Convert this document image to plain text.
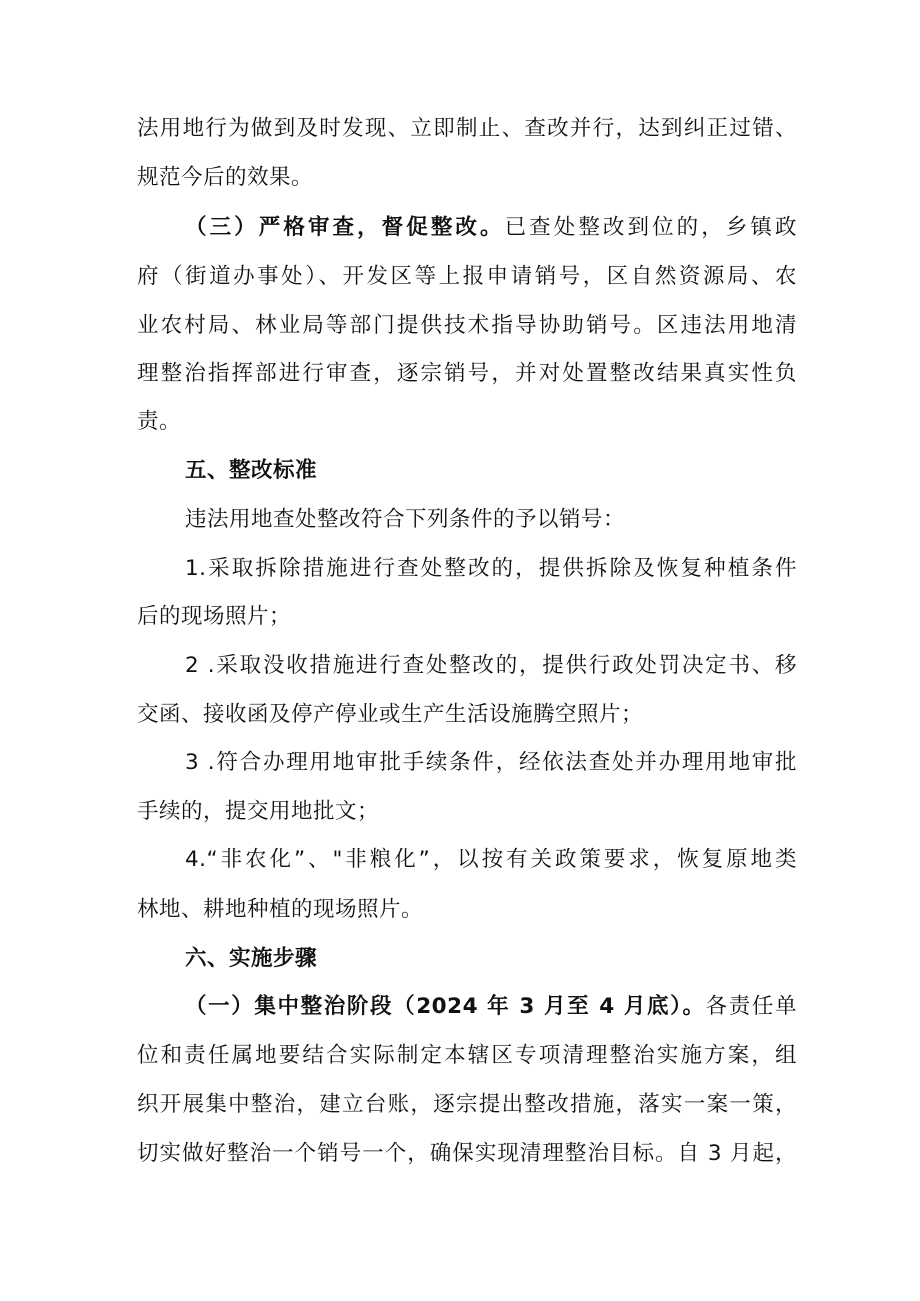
法用地行为做到及时发现、立即制止、查改并行，达到纠正过错、

规范今后的效果。

（三）严格审查，督促整改。已查处整改到位的，乡镇政

府（街道办事处）、开发区等上报申请销号，区自然资源局、农

业农村局、林业局等部门提供技术指导协助销号。区违法用地清

理整治指挥部进行审查，逐宗销号，并对处置整改结果真实性负

责。

五、整改标准

违法用地查处整改符合下列条件的予以销号：

1.采取拆除措施进行查处整改的，提供拆除及恢复种植条件

后的现场照片；

2 .采取没收措施进行查处整改的，提供行政处罚决定书、移

交函、接收函及停产停业或生产生活设施腾空照片；

3 .符合办理用地审批手续条件，经依法查处并办理用地审批

手续的，提交用地批文；

4.“非农化”、"非粮化”，以按有关政策要求，恢复原地类

林地、耕地种植的现场照片。

六、实施步骤

（一）集中整治阶段（2024 年 3 月至 4 月底）。各责任单

位和责任属地要结合实际制定本辖区专项清理整治实施方案，组

织开展集中整治，建立台账，逐宗提出整改措施，落实一案一策，

切实做好整治一个销号一个，确保实现清理整治目标。自 3 月起，
